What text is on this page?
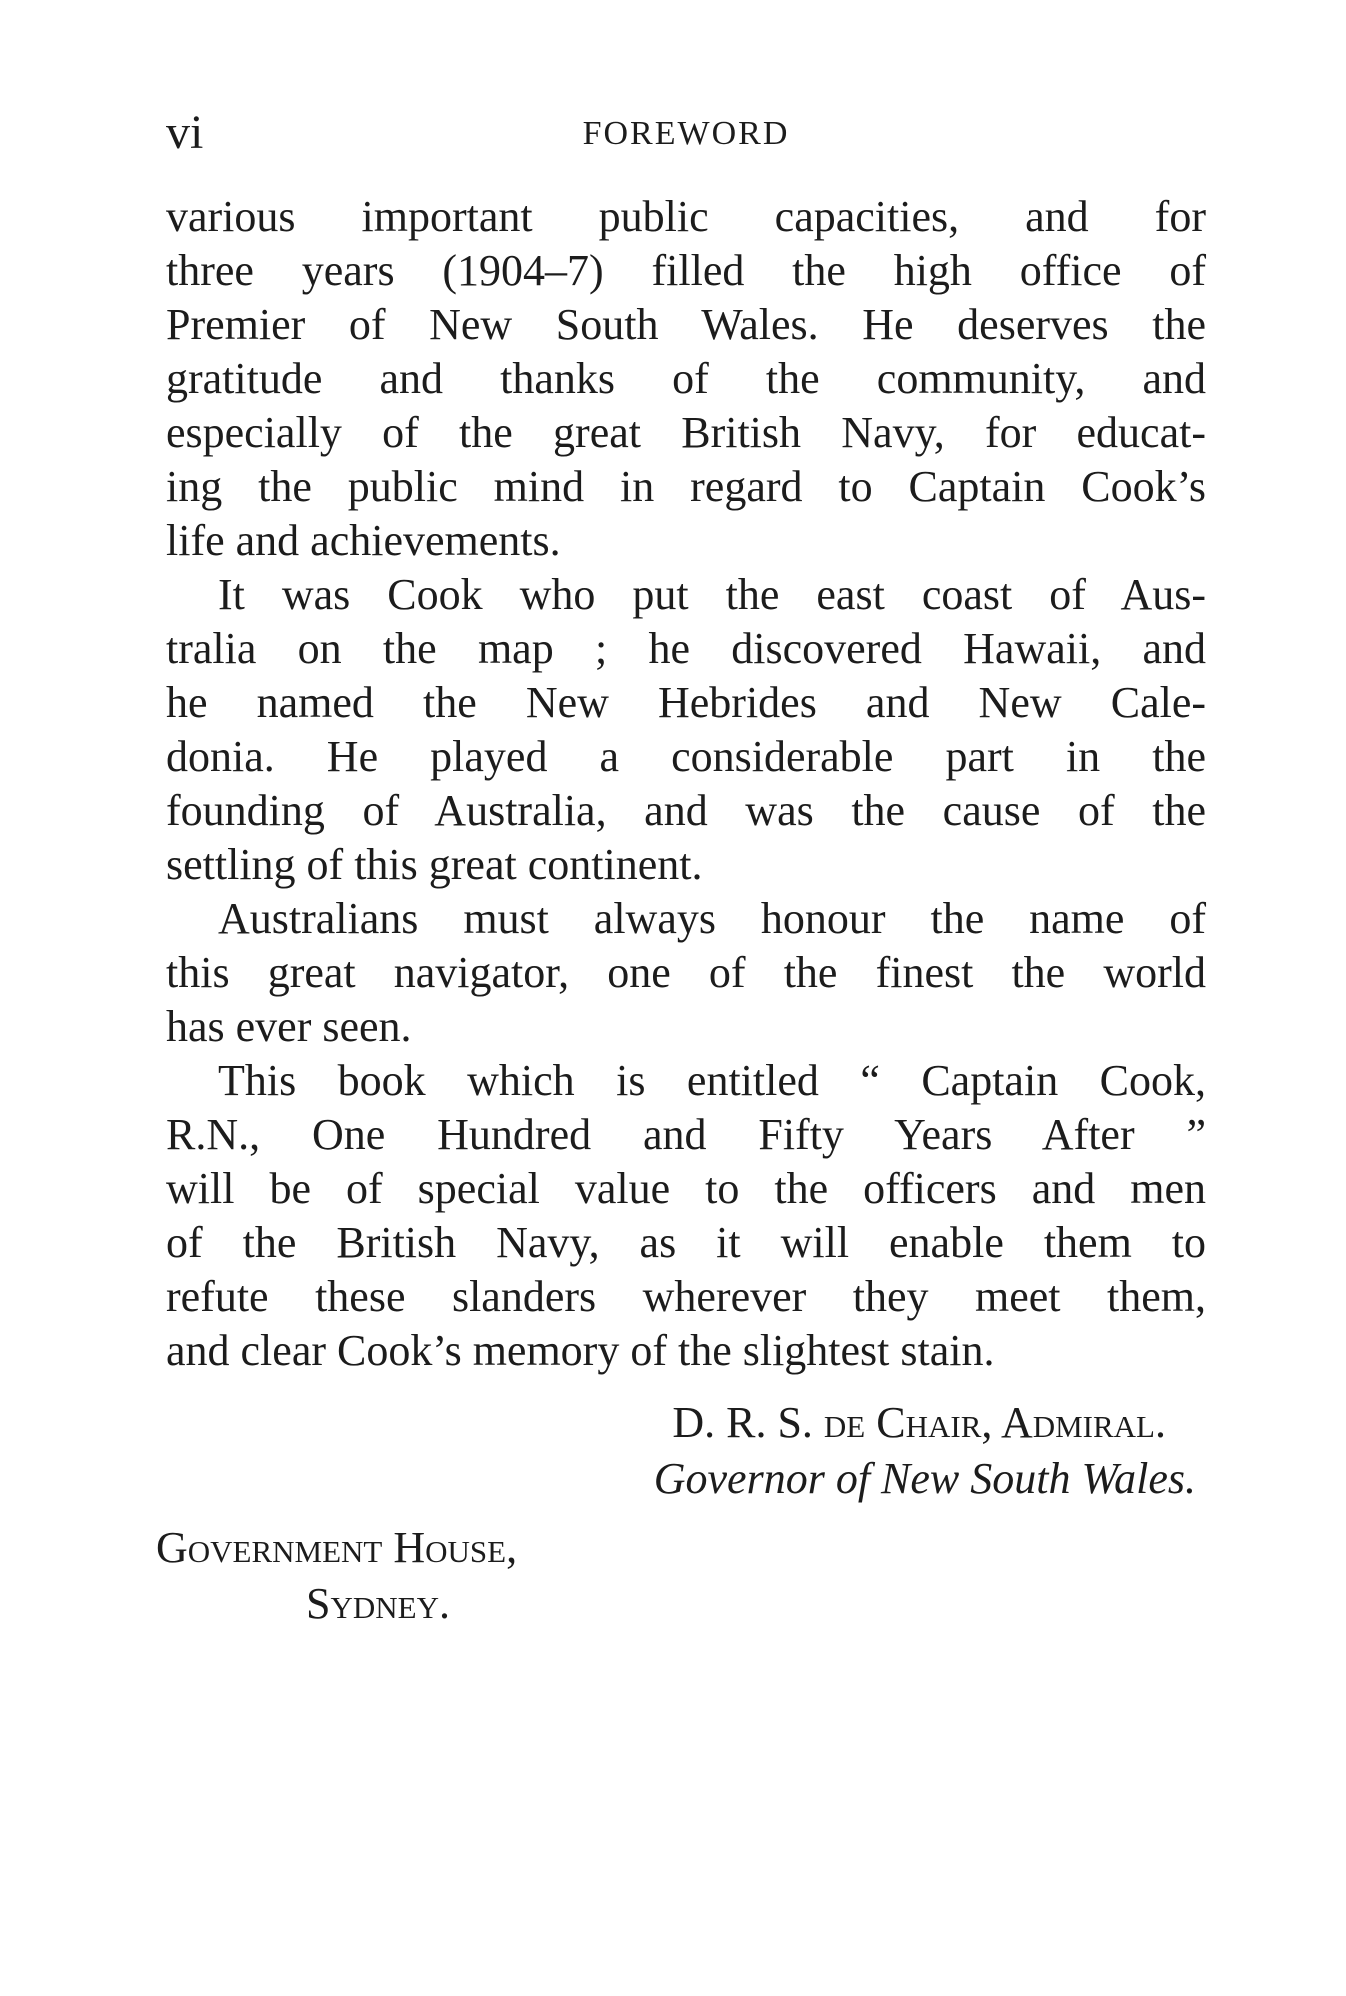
vi	FOREWORD
various important public capacities, and for
three years (1904–7) filled the high office of
Premier of New South Wales. He deserves the
gratitude and thanks of the community, and
especially of the great British Navy, for educat-
ing the public mind in regard to Captain Cook’s
life and achievements.
It was Cook who put the east coast of Aus-
tralia on the map ; he discovered Hawaii, and
he named the New Hebrides and New Cale-
donia. He played a considerable part in the
founding of Australia, and was the cause of the
settling of this great continent.
Australians must always honour the name of
this great navigator, one of the finest the world
has ever seen.
This book which is entitled “ Captain Cook,
R.N., One Hundred and Fifty Years After ”
will be of special value to the officers and men
of the British Navy, as it will enable them to
refute these slanders wherever they meet them,
and clear Cook’s memory of the slightest stain.
D. R. S. de Chair, Admiral.
Governor of New South Wales.
Government House,
Sydney.
